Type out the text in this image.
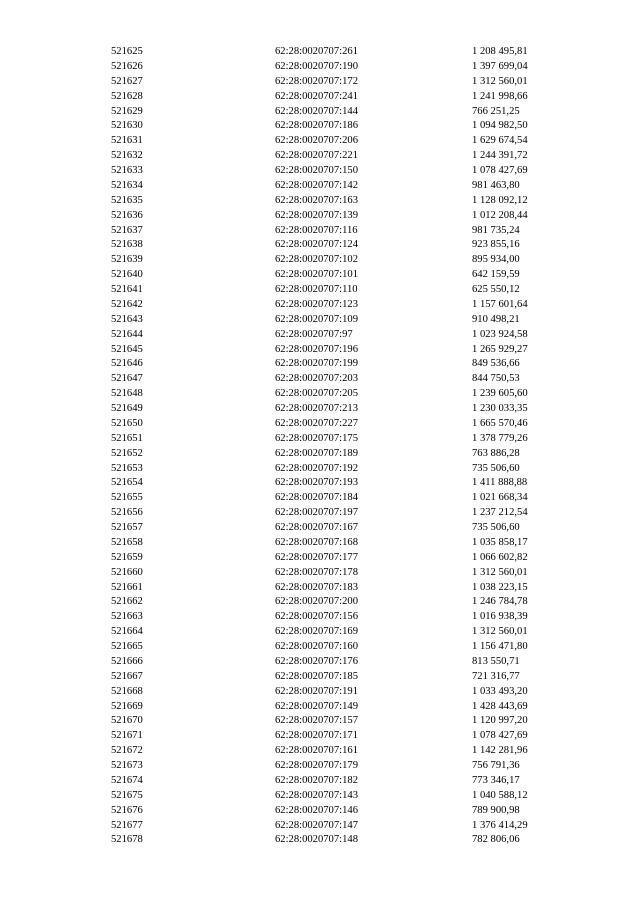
521625	62:28:0020707:261	1 208 495,81
521626	62:28:0020707:190	1 397 699,04
521627	62:28:0020707:172	1 312 560,01
521628	62:28:0020707:241	1 241 998,66
521629	62:28:0020707:144	766 251,25
521630	62:28:0020707:186	1 094 982,50
521631	62:28:0020707:206	1 629 674,54
521632	62:28:0020707:221	1 244 391,72
521633	62:28:0020707:150	1 078 427,69
521634	62:28:0020707:142	981 463,80
521635	62:28:0020707:163	1 128 092,12
521636	62:28:0020707:139	1 012 208,44
521637	62:28:0020707:116	981 735,24
521638	62:28:0020707:124	923 855,16
521639	62:28:0020707:102	895 934,00
521640	62:28:0020707:101	642 159,59
521641	62:28:0020707:110	625 550,12
521642	62:28:0020707:123	1 157 601,64
521643	62:28:0020707:109	910 498,21
521644	62:28:0020707:97	1 023 924,58
521645	62:28:0020707:196	1 265 929,27
521646	62:28:0020707:199	849 536,66
521647	62:28:0020707:203	844 750,53
521648	62:28:0020707:205	1 239 605,60
521649	62:28:0020707:213	1 230 033,35
521650	62:28:0020707:227	1 665 570,46
521651	62:28:0020707:175	1 378 779,26
521652	62:28:0020707:189	763 886,28
521653	62:28:0020707:192	735 506,60
521654	62:28:0020707:193	1 411 888,88
521655	62:28:0020707:184	1 021 668,34
521656	62:28:0020707:197	1 237 212,54
521657	62:28:0020707:167	735 506,60
521658	62:28:0020707:168	1 035 858,17
521659	62:28:0020707:177	1 066 602,82
521660	62:28:0020707:178	1 312 560,01
521661	62:28:0020707:183	1 038 223,15
521662	62:28:0020707:200	1 246 784,78
521663	62:28:0020707:156	1 016 938,39
521664	62:28:0020707:169	1 312 560,01
521665	62:28:0020707:160	1 156 471,80
521666	62:28:0020707:176	813 550,71
521667	62:28:0020707:185	721 316,77
521668	62:28:0020707:191	1 033 493,20
521669	62:28:0020707:149	1 428 443,69
521670	62:28:0020707:157	1 120 997,20
521671	62:28:0020707:171	1 078 427,69
521672	62:28:0020707:161	1 142 281,96
521673	62:28:0020707:179	756 791,36
521674	62:28:0020707:182	773 346,17
521675	62:28:0020707:143	1 040 588,12
521676	62:28:0020707:146	789 900,98
521677	62:28:0020707:147	1 376 414,29
521678	62:28:0020707:148	782 806,06
